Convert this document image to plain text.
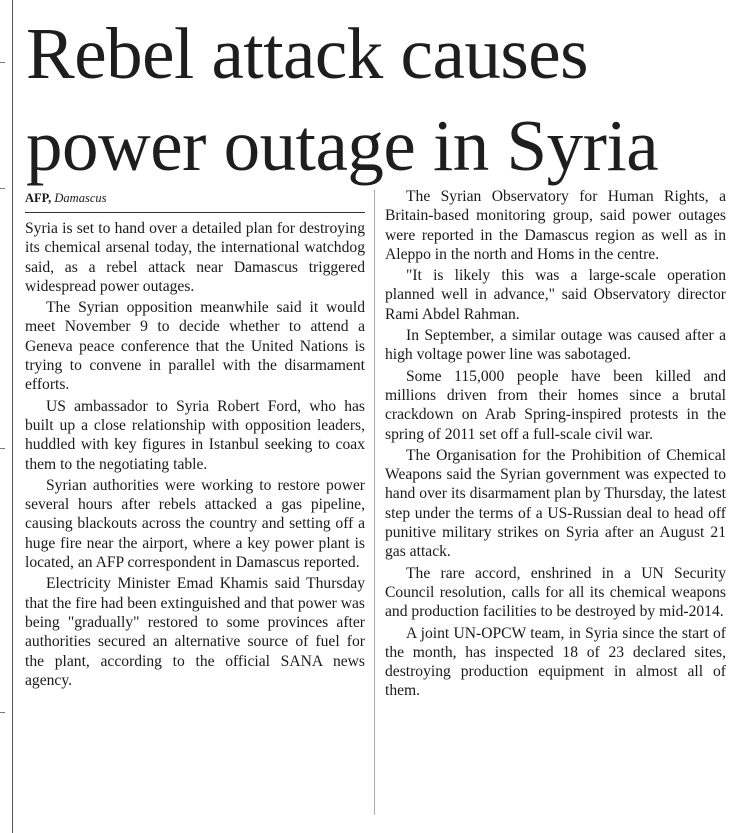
Rebel attack causes
power outage in Syria
AFP, Damascus

Syria is set to hand over a detailed plan for destroying its chemical arsenal today, the international watchdog said, as a rebel attack near Damascus triggered widespread power outages.

The Syrian opposition meanwhile said it would meet November 9 to decide whether to attend a Geneva peace conference that the United Nations is trying to convene in parallel with the disarmament efforts.

US ambassador to Syria Robert Ford, who has built up a close relationship with opposition leaders, huddled with key figures in Istanbul seeking to coax them to the negotiating table.

Syrian authorities were working to restore power several hours after rebels attacked a gas pipeline, causing blackouts across the country and setting off a huge fire near the airport, where a key power plant is located, an AFP correspondent in Damascus reported.

Electricity Minister Emad Khamis said Thursday that the fire had been extinguished and that power was being "gradually" restored to some provinces after authorities secured an alternative source of fuel for the plant, according to the official SANA news agency.

The Syrian Observatory for Human Rights, a Britain-based monitoring group, said power outages were reported in the Damascus region as well as in Aleppo in the north and Homs in the centre.

"It is likely this was a large-scale operation planned well in advance," said Observatory director Rami Abdel Rahman.

In September, a similar outage was caused after a high voltage power line was sabotaged.

Some 115,000 people have been killed and millions driven from their homes since a brutal crackdown on Arab Spring-inspired protests in the spring of 2011 set off a full-scale civil war.

The Organisation for the Prohibition of Chemical Weapons said the Syrian government was expected to hand over its disarmament plan by Thursday, the latest step under the terms of a US-Russian deal to head off punitive military strikes on Syria after an August 21 gas attack.

The rare accord, enshrined in a UN Security Council resolution, calls for all its chemical weapons and production facilities to be destroyed by mid-2014.

A joint UN-OPCW team, in Syria since the start of the month, has inspected 18 of 23 declared sites, destroying production equipment in almost all of them.
